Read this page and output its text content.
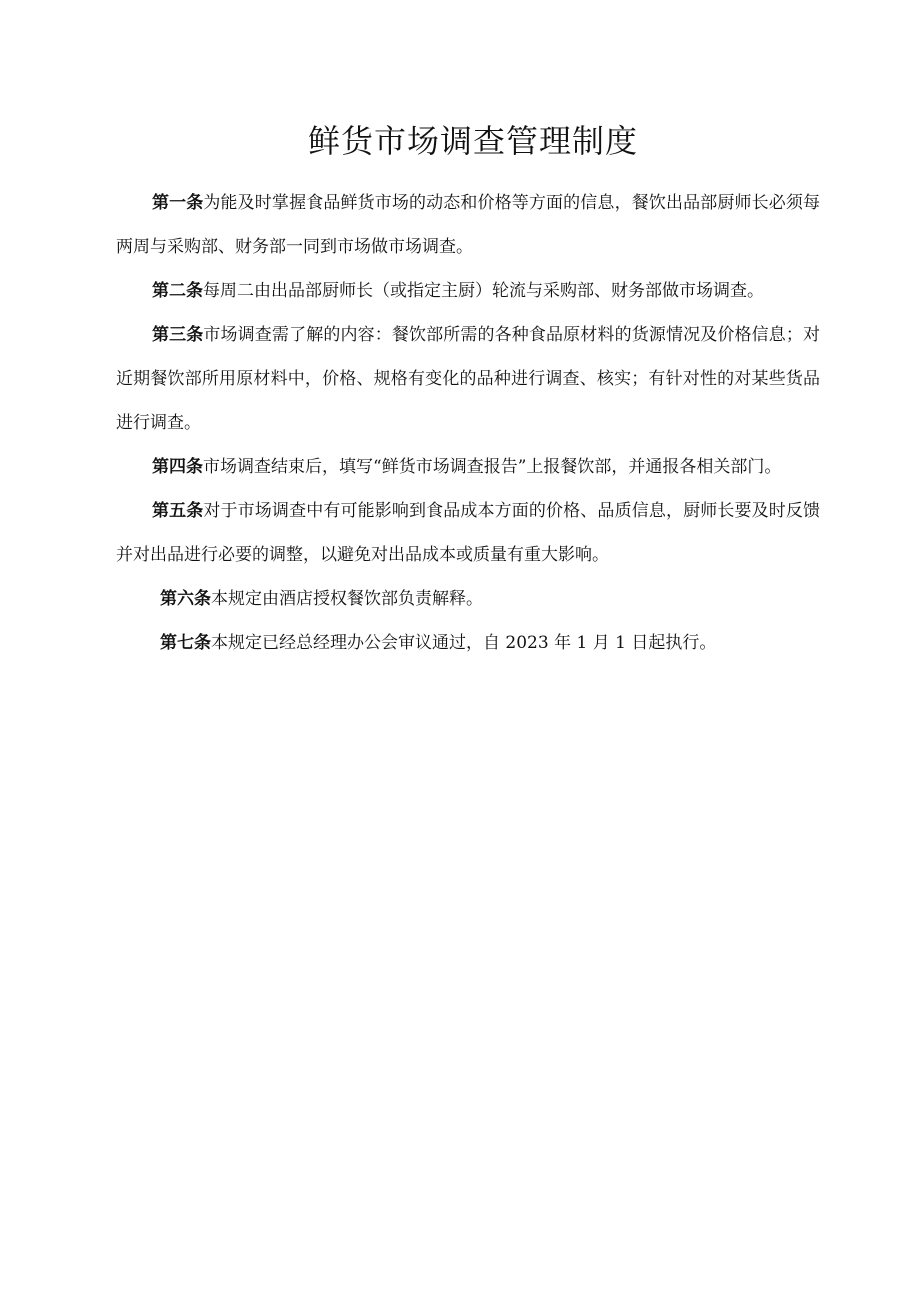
鲜货市场调查管理制度

第一条为能及时掌握食品鲜货市场的动态和价格等方面的信息，餐饮出品部厨师长必须每两周与采购部、财务部一同到市场做市场调查。

第二条每周二由出品部厨师长（或指定主厨）轮流与采购部、财务部做市场调查。

第三条市场调查需了解的内容：餐饮部所需的各种食品原材料的货源情况及价格信息；对近期餐饮部所用原材料中，价格、规格有变化的品种进行调查、核实；有针对性的对某些货品进行调查。

第四条市场调查结束后，填写“鲜货市场调查报告”上报餐饮部，并通报各相关部门。

第五条对于市场调查中有可能影响到食品成本方面的价格、品质信息，厨师长要及时反馈并对出品进行必要的调整，以避免对出品成本或质量有重大影响。

第六条本规定由酒店授权餐饮部负责解释。

第七条本规定已经总经理办公会审议通过，自 2023 年 1 月 1 日起执行。
